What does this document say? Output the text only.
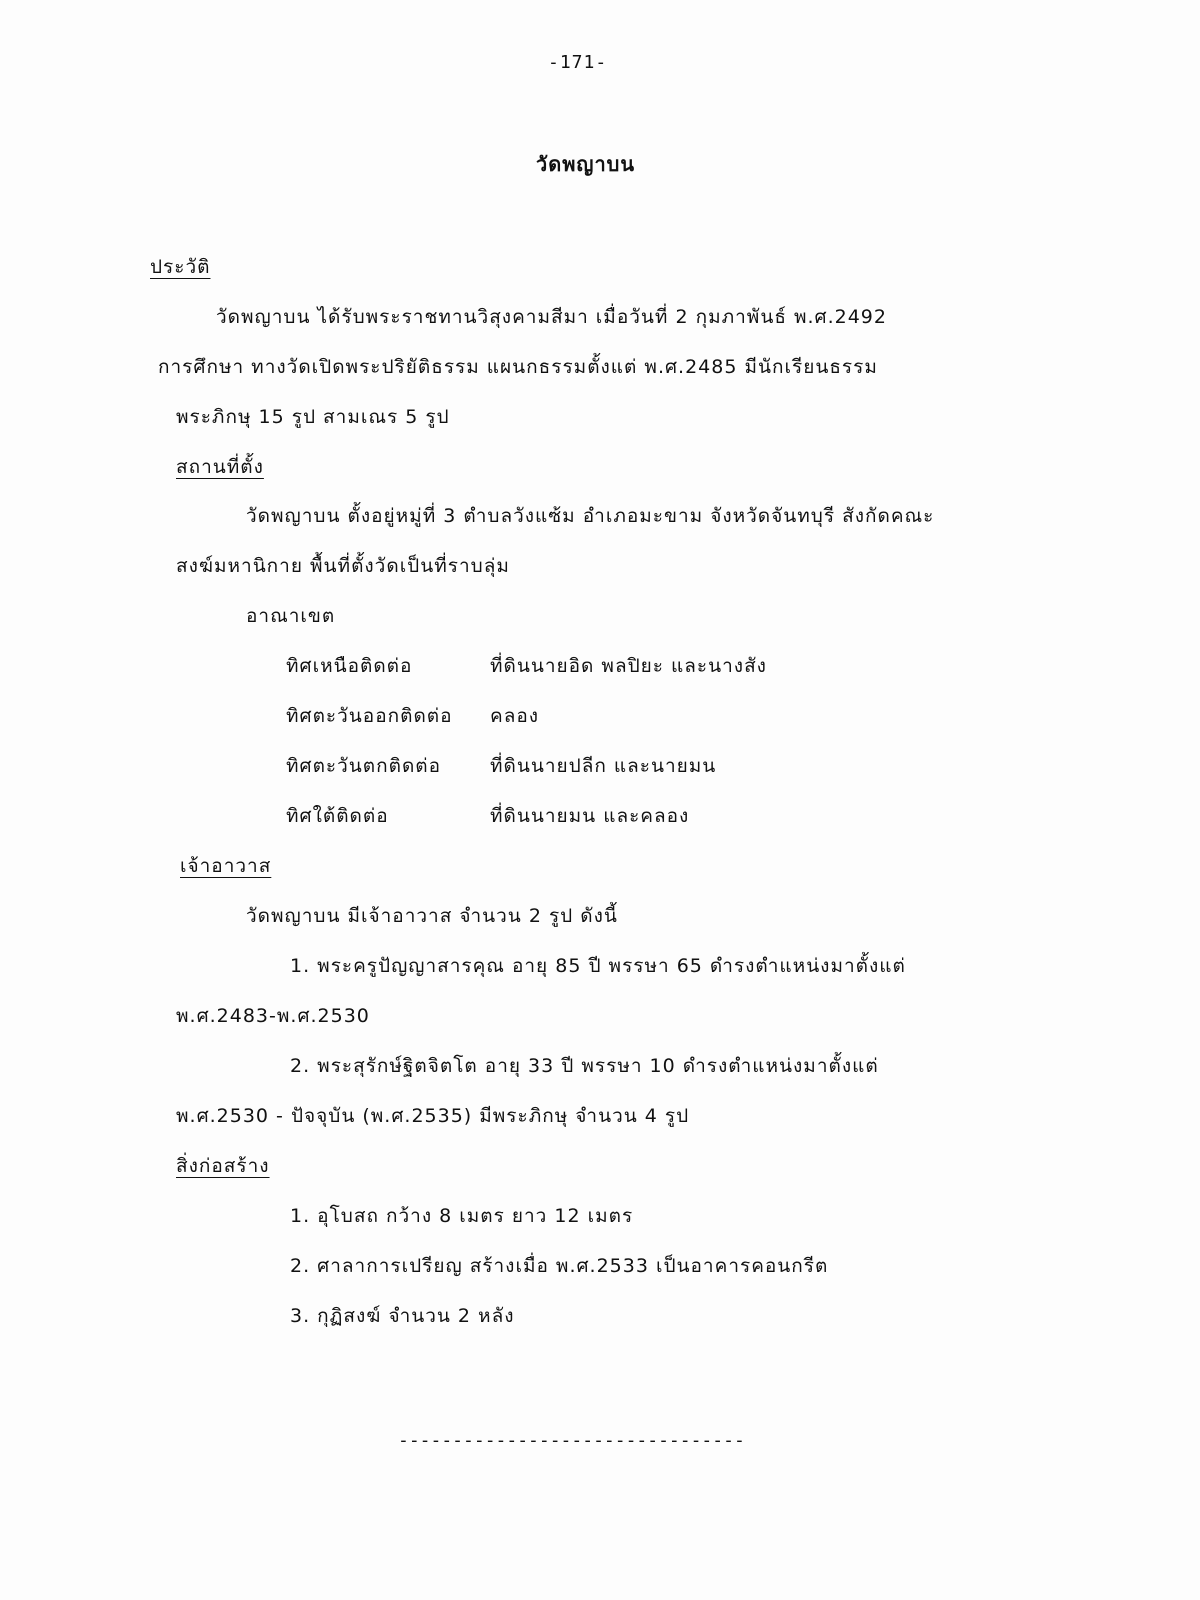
-171-
วัดพญาบน
ประวัติ
วัดพญาบน ได้รับพระราชทานวิสุงคามสีมา เมื่อวันที่ 2 กุมภาพันธ์ พ.ศ.2492
การศึกษา ทางวัดเปิดพระปริยัติธรรม แผนกธรรมตั้งแต่ พ.ศ.2485 มีนักเรียนธรรม
พระภิกษุ 15 รูป สามเณร 5 รูป
สถานที่ตั้ง
วัดพญาบน ตั้งอยู่หมู่ที่ 3 ตำบลวังแซ้ม อำเภอมะขาม จังหวัดจันทบุรี สังกัดคณะ
สงฆ์มหานิกาย พื้นที่ตั้งวัดเป็นที่ราบลุ่ม
อาณาเขต
ทิศเหนือติดต่อ	ที่ดินนายอิด พลปิยะ และนางสัง
ทิศตะวันออกติดต่อ คลอง
ทิศตะวันตกติดต่อ	ที่ดินนายปลีก และนายมน
ทิศใต้ติดต่อ	ที่ดินนายมน และคลอง
เจ้าอาวาส
วัดพญาบน มีเจ้าอาวาส จำนวน 2 รูป ดังนี้
1. พระครูปัญญาสารคุณ อายุ 85 ปี พรรษา 65 ดำรงตำแหน่งมาตั้งแต่
พ.ศ.2483-พ.ศ.2530
2. พระสุรักษ์ฐิตจิตโต อายุ 33 ปี พรรษา 10 ดำรงตำแหน่งมาตั้งแต่
พ.ศ.2530 - ปัจจุบัน (พ.ศ.2535) มีพระภิกษุ จำนวน 4 รูป
สิ่งก่อสร้าง
1. อุโบสถ กว้าง 8 เมตร ยาว 12 เมตร
2. ศาลาการเปรียญ สร้างเมื่อ พ.ศ.2533 เป็นอาคารคอนกรีต
3. กุฏิสงฆ์ จำนวน 2 หลัง
--------------------------------
